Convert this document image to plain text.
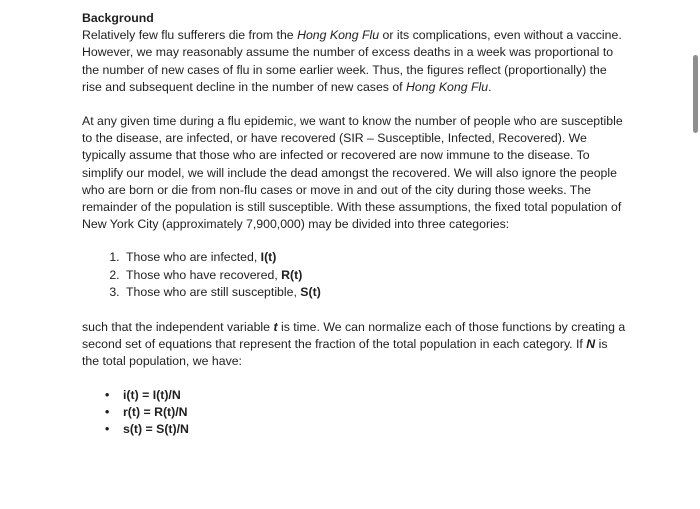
Background

Relatively few flu sufferers die from the Hong Kong Flu or its complications, even without a vaccine. However, we may reasonably assume the number of excess deaths in a week was proportional to the number of new cases of flu in some earlier week. Thus, the figures reflect (proportionally) the rise and subsequent decline in the number of new cases of Hong Kong Flu.

At any given time during a flu epidemic, we want to know the number of people who are susceptible to the disease, are infected, or have recovered (SIR – Susceptible, Infected, Recovered). We typically assume that those who are infected or recovered are now immune to the disease. To simplify our model, we will include the dead amongst the recovered. We will also ignore the people who are born or die from non-flu cases or move in and out of the city during those weeks. The remainder of the population is still susceptible. With these assumptions, the fixed total population of New York City (approximately 7,900,000) may be divided into three categories:

1. Those who are infected, I(t)
2. Those who have recovered, R(t)
3. Those who are still susceptible, S(t)

such that the independent variable t is time. We can normalize each of those functions by creating a second set of equations that represent the fraction of the total population in each category. If N is the total population, we have:

• i(t) = I(t)/N
• r(t) = R(t)/N
• s(t) = S(t)/N
